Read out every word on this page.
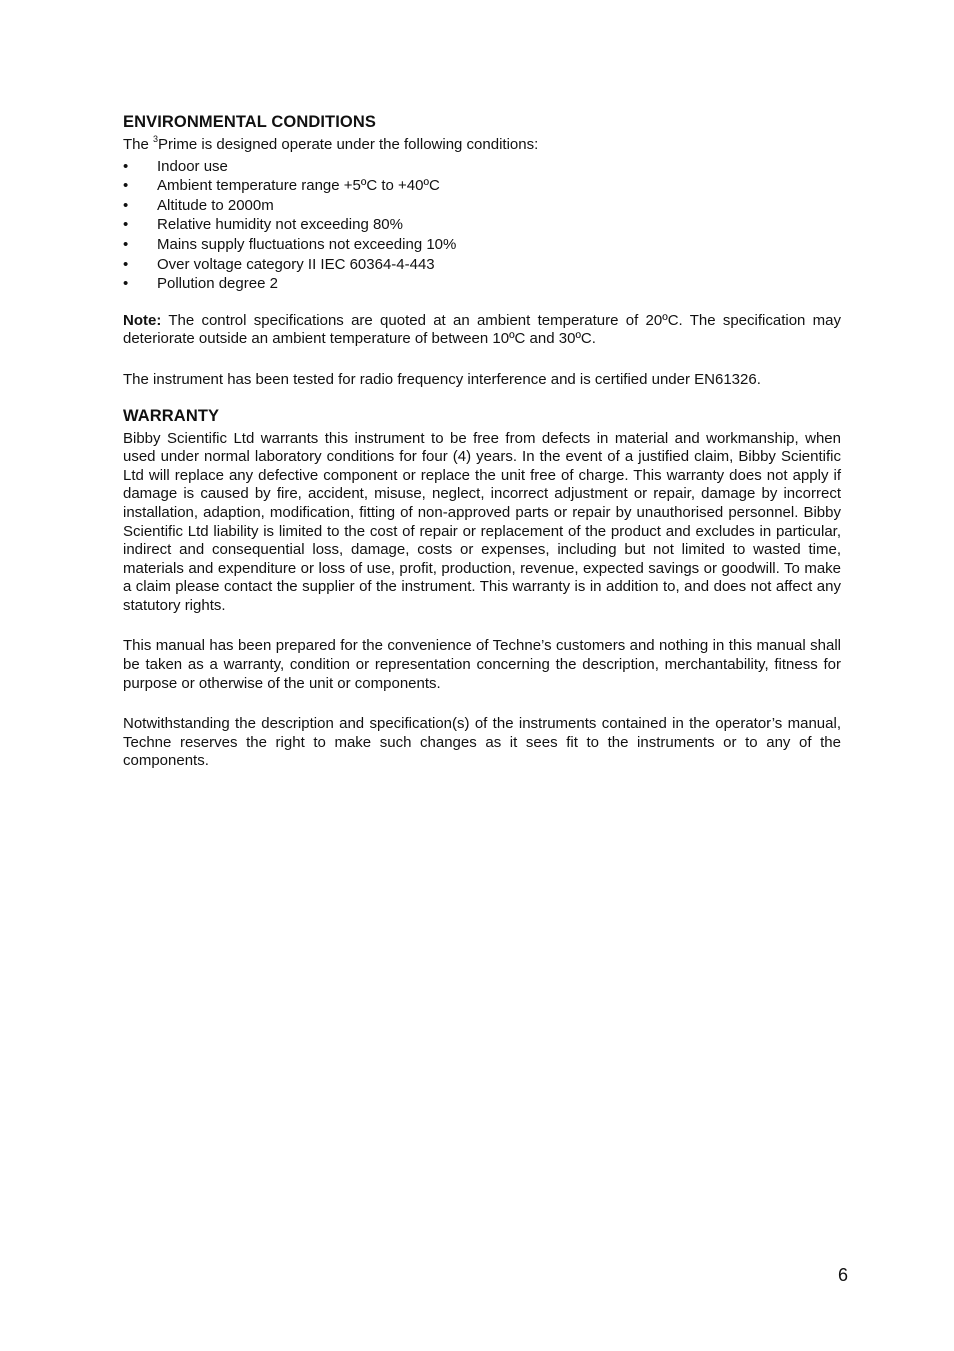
ENVIRONMENTAL CONDITIONS

The $^3$Prime is designed operate under the following conditions:

• Indoor use
• Ambient temperature range +5ºC to +40ºC
• Altitude to 2000m
• Relative humidity not exceeding 80%
• Mains supply fluctuations not exceeding 10%
• Over voltage category II IEC 60364-4-443
• Pollution degree 2

Note: The control specifications are quoted at an ambient temperature of 20ºC. The specification may deteriorate outside an ambient temperature of between 10ºC and 30ºC.

The instrument has been tested for radio frequency interference and is certified under EN61326.

WARRANTY

Bibby Scientific Ltd warrants this instrument to be free from defects in material and workmanship, when used under normal laboratory conditions for four (4) years. In the event of a justified claim, Bibby Scientific Ltd will replace any defective component or replace the unit free of charge. This warranty does not apply if damage is caused by fire, accident, misuse, neglect, incorrect adjustment or repair, damage by incorrect installation, adaption, modification, fitting of non-approved parts or repair by unauthorised personnel. Bibby Scientific Ltd liability is limited to the cost of repair or replacement of the product and excludes in particular, indirect and consequential loss, damage, costs or expenses, including but not limited to wasted time, materials and expenditure or loss of use, profit, production, revenue, expected savings or goodwill. To make a claim please contact the supplier of the instrument. This warranty is in addition to, and does not affect any statutory rights.

This manual has been prepared for the convenience of Techne’s customers and nothing in this manual shall be taken as a warranty, condition or representation concerning the description, merchantability, fitness for purpose or otherwise of the unit or components.

Notwithstanding the description and specification(s) of the instruments contained in the operator’s manual, Techne reserves the right to make such changes as it sees fit to the instruments or to any of the components.

6
